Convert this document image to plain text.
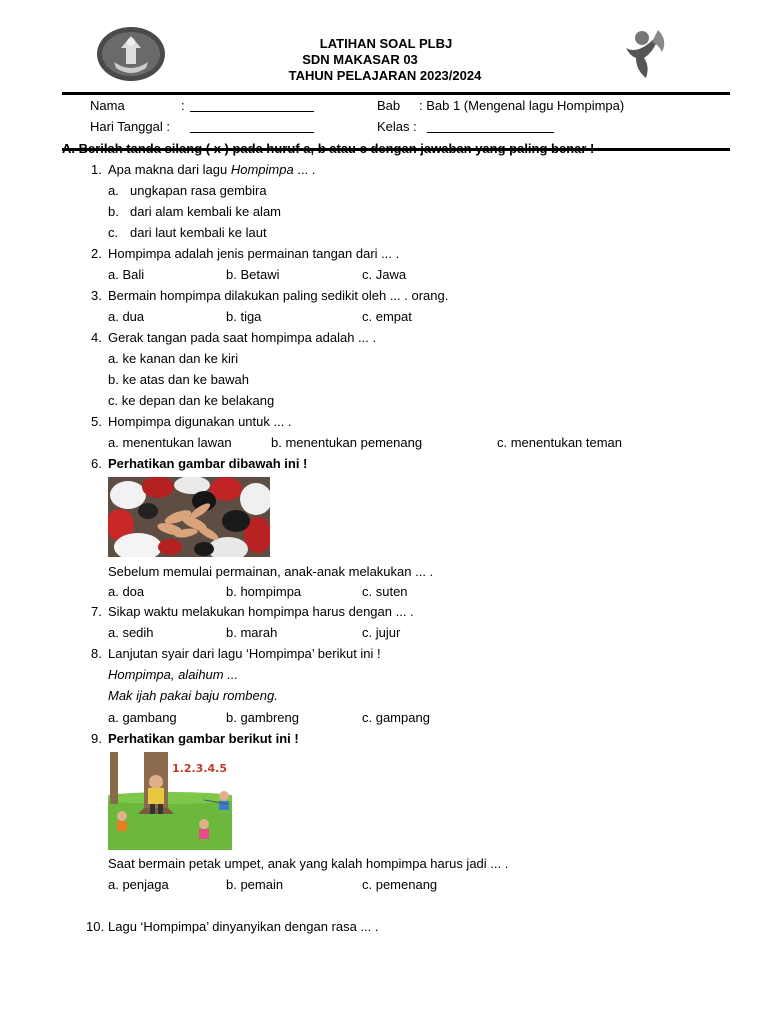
LATIHAN SOAL PLBJ
SDN MAKASAR 03
TAHUN PELAJARAN 2023/2024
Nama	:	Bab : Bab 1 (Mengenal lagu Hompimpa)
Hari Tanggal :	Kelas :
1. Apa makna dari lagu Hompimpa ... .
a. ungkapan rasa gembira
b. dari alam kembali ke alam
c. dari laut kembali ke laut
2. Hompimpa adalah jenis permainan tangan dari ... .
a. Bali	b. Betawi	c. Jawa
3. Bermain hompimpa dilakukan paling sedikit oleh ... . orang.
a. dua	b. tiga	c. empat
4. Gerak tangan pada saat hompimpa adalah ... .
a. ke kanan dan ke kiri
b. ke atas dan ke bawah
c. ke depan dan ke belakang
5. Hompimpa digunakan untuk ... .
a. menentukan lawan	b. menentukan pemenang	c. menentukan teman
6. Perhatikan gambar dibawah ini !
Sebelum memulai permainan, anak-anak melakukan ... .
a. doa	b. hompimpa	c. suten
7. Sikap waktu melakukan hompimpa harus dengan ... .
a. sedih	b. marah	c. jujur
8. Lanjutan syair dari lagu ‘Hompimpa’ berikut ini !
Hompimpa, alaihum ...
Mak ijah pakai baju rombeng.
a. gambang	b. gambreng	c. gampang
9. Perhatikan gambar berikut ini !
1.2.3.4.5
Saat bermain petak umpet, anak yang kalah hompimpa harus jadi ... .
a. penjaga	b. pemain	c. pemenang
10. Lagu ‘Hompimpa’ dinyanyikan dengan rasa ... .
